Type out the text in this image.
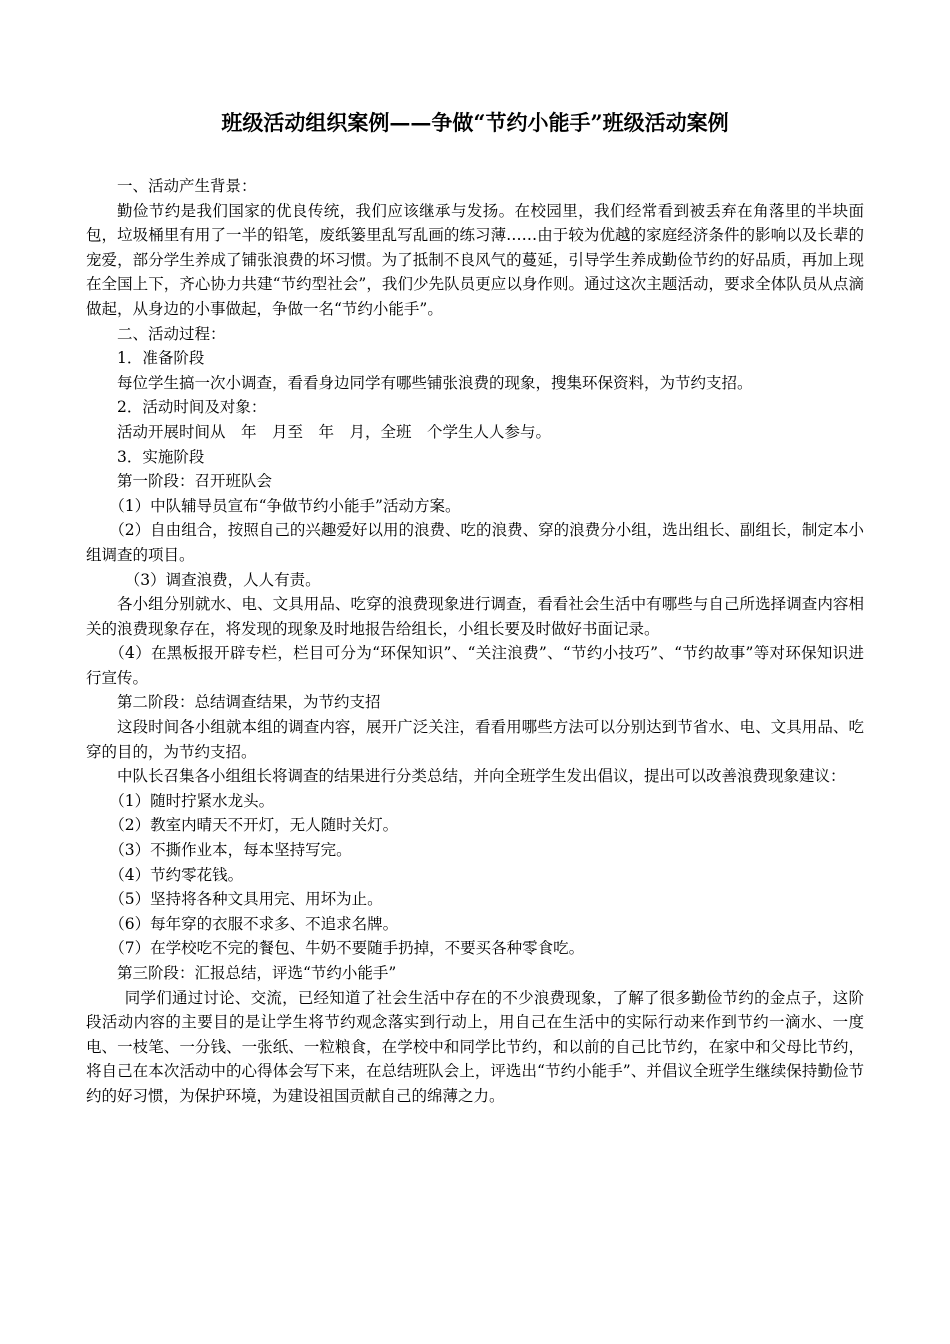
班级活动组织案例——争做“节约小能手”班级活动案例

一、活动产生背景：

勤俭节约是我们国家的优良传统，我们应该继承与发扬。在校园里，我们经常看到被丢弃在角落里的半块面包，垃圾桶里有用了一半的铅笔，废纸篓里乱写乱画的练习薄……由于较为优越的家庭经济条件的影响以及长辈的宠爱，部分学生养成了铺张浪费的坏习惯。为了抵制不良风气的蔓延，引导学生养成勤俭节约的好品质，再加上现在全国上下，齐心协力共建“节约型社会”，我们少先队员更应以身作则。通过这次主题活动，要求全体队员从点滴做起，从身边的小事做起，争做一名“节约小能手”。

二、活动过程：

1．准备阶段

每位学生搞一次小调查，看看身边同学有哪些铺张浪费的现象，搜集环保资料，为节约支招。

2．活动时间及对象：

活动开展时间从　年　月至　年　月，全班　个学生人人参与。

3．实施阶段

第一阶段：召开班队会

（1）中队辅导员宣布“争做节约小能手”活动方案。

（2）自由组合，按照自己的兴趣爱好以用的浪费、吃的浪费、穿的浪费分小组，选出组长、副组长，制定本小组调查的项目。

（3）调查浪费，人人有责。

各小组分别就水、电、文具用品、吃穿的浪费现象进行调查，看看社会生活中有哪些与自己所选择调查内容相关的浪费现象存在，将发现的现象及时地报告给组长，小组长要及时做好书面记录。

（4）在黑板报开辟专栏，栏目可分为“环保知识”、“关注浪费”、“节约小技巧”、“节约故事”等对环保知识进行宣传。

第二阶段：总结调查结果，为节约支招

这段时间各小组就本组的调查内容，展开广泛关注，看看用哪些方法可以分别达到节省水、电、文具用品、吃穿的目的，为节约支招。

中队长召集各小组组长将调查的结果进行分类总结，并向全班学生发出倡议，提出可以改善浪费现象建议：

（1）随时拧紧水龙头。

（2）教室内晴天不开灯，无人随时关灯。

（3）不撕作业本，每本坚持写完。

（4）节约零花钱。

（5）坚持将各种文具用完、用坏为止。

（6）每年穿的衣服不求多、不追求名牌。

（7）在学校吃不完的餐包、牛奶不要随手扔掉，不要买各种零食吃。

第三阶段：汇报总结，评选“节约小能手”

同学们通过讨论、交流，已经知道了社会生活中存在的不少浪费现象，了解了很多勤俭节约的金点子，这阶段活动内容的主要目的是让学生将节约观念落实到行动上，用自己在生活中的实际行动来作到节约一滴水、一度电、一枝笔、一分钱、一张纸、一粒粮食，在学校中和同学比节约，和以前的自己比节约，在家中和父母比节约，将自己在本次活动中的心得体会写下来，在总结班队会上，评选出“节约小能手”、并倡议全班学生继续保持勤俭节约的好习惯，为保护环境，为建设祖国贡献自己的绵薄之力。
